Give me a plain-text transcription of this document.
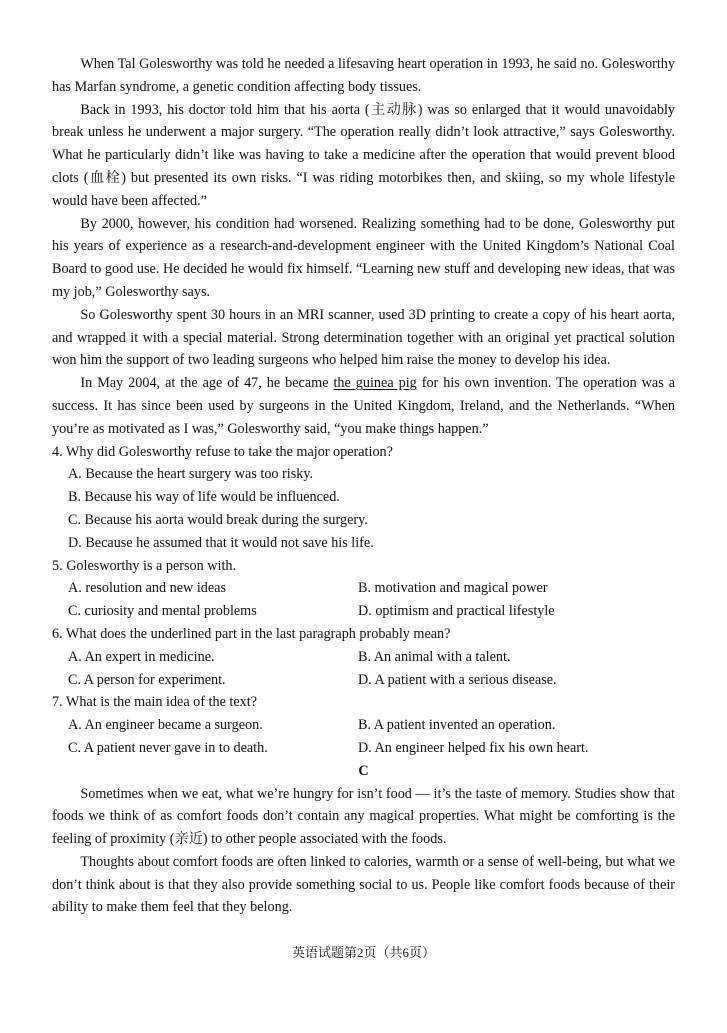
When Tal Golesworthy was told he needed a lifesaving heart operation in 1993, he said no. Golesworthy has Marfan syndrome, a genetic condition affecting body tissues.

Back in 1993, his doctor told him that his aorta (主动脉) was so enlarged that it would unavoidably break unless he underwent a major surgery. “The operation really didn’t look attractive,” says Golesworthy. What he particularly didn’t like was having to take a medicine after the operation that would prevent blood clots (血栓) but presented its own risks. “I was riding motorbikes then, and skiing, so my whole lifestyle would have been affected.”

By 2000, however, his condition had worsened. Realizing something had to be done, Golesworthy put his years of experience as a research-and-development engineer with the United Kingdom’s National Coal Board to good use. He decided he would fix himself. “Learning new stuff and developing new ideas, that was my job,” Golesworthy says.

So Golesworthy spent 30 hours in an MRI scanner, used 3D printing to create a copy of his heart aorta, and wrapped it with a special material. Strong determination together with an original yet practical solution won him the support of two leading surgeons who helped him raise the money to develop his idea.

In May 2004, at the age of 47, he became the guinea pig for his own invention. The operation was a success. It has since been used by surgeons in the United Kingdom, Ireland, and the Netherlands. “When you’re as motivated as I was,” Golesworthy said, “you make things happen.”

4. Why did Golesworthy refuse to take the major operation?

A. Because the heart surgery was too risky.
B. Because his way of life would be influenced.
C. Because his aorta would break during the surgery.
D. Because he assumed that it would not save his life.

5. Golesworthy is a person with.

A. resolution and new ideas	B. motivation and magical power
C. curiosity and mental problems	D. optimism and practical lifestyle

6. What does the underlined part in the last paragraph probably mean?

A. An expert in medicine.	B. An animal with a talent.
C. A person for experiment.	D. A patient with a serious disease.

7. What is the main idea of the text?

A. An engineer became a surgeon.	B. A patient invented an operation.
C. A patient never gave in to death.	D. An engineer helped fix his own heart.

C

Sometimes when we eat, what we’re hungry for isn’t food — it’s the taste of memory. Studies show that foods we think of as comfort foods don’t contain any magical properties. What might be comforting is the feeling of proximity (亲近) to other people associated with the foods.

Thoughts about comfort foods are often linked to calories, warmth or a sense of well-being, but what we don’t think about is that they also provide something social to us. People like comfort foods because of their ability to make them feel that they belong.

英语试题第2页（共6页）
